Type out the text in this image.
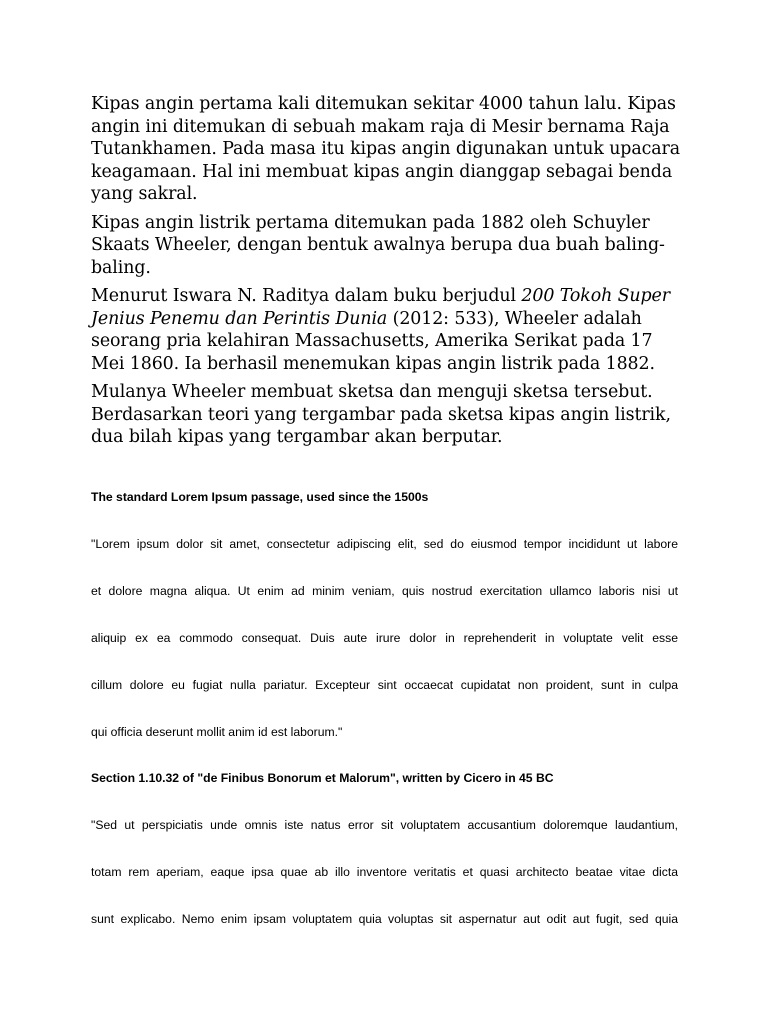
Kipas angin pertama kali ditemukan sekitar 4000 tahun lalu. Kipas angin ini ditemukan di sebuah makam raja di Mesir bernama Raja Tutankhamen. Pada masa itu kipas angin digunakan untuk upacara keagamaan. Hal ini membuat kipas angin dianggap sebagai benda yang sakral.

Kipas angin listrik pertama ditemukan pada 1882 oleh Schuyler Skaats Wheeler, dengan bentuk awalnya berupa dua buah baling-baling.

Menurut Iswara N. Raditya dalam buku berjudul 200 Tokoh Super Jenius Penemu dan Perintis Dunia (2012: 533), Wheeler adalah seorang pria kelahiran Massachusetts, Amerika Serikat pada 17 Mei 1860. Ia berhasil menemukan kipas angin listrik pada 1882.

Mulanya Wheeler membuat sketsa dan menguji sketsa tersebut. Berdasarkan teori yang tergambar pada sketsa kipas angin listrik, dua bilah kipas yang tergambar akan berputar.

The standard Lorem Ipsum passage, used since the 1500s

"Lorem ipsum dolor sit amet, consectetur adipiscing elit, sed do eiusmod tempor incididunt ut labore
et dolore magna aliqua. Ut enim ad minim veniam, quis nostrud exercitation ullamco laboris nisi ut
aliquip ex ea commodo consequat. Duis aute irure dolor in reprehenderit in voluptate velit esse
cillum dolore eu fugiat nulla pariatur. Excepteur sint occaecat cupidatat non proident, sunt in culpa
qui officia deserunt mollit anim id est laborum."

Section 1.10.32 of "de Finibus Bonorum et Malorum", written by Cicero in 45 BC

"Sed ut perspiciatis unde omnis iste natus error sit voluptatem accusantium doloremque laudantium,
totam rem aperiam, eaque ipsa quae ab illo inventore veritatis et quasi architecto beatae vitae dicta
sunt explicabo. Nemo enim ipsam voluptatem quia voluptas sit aspernatur aut odit aut fugit, sed quia
